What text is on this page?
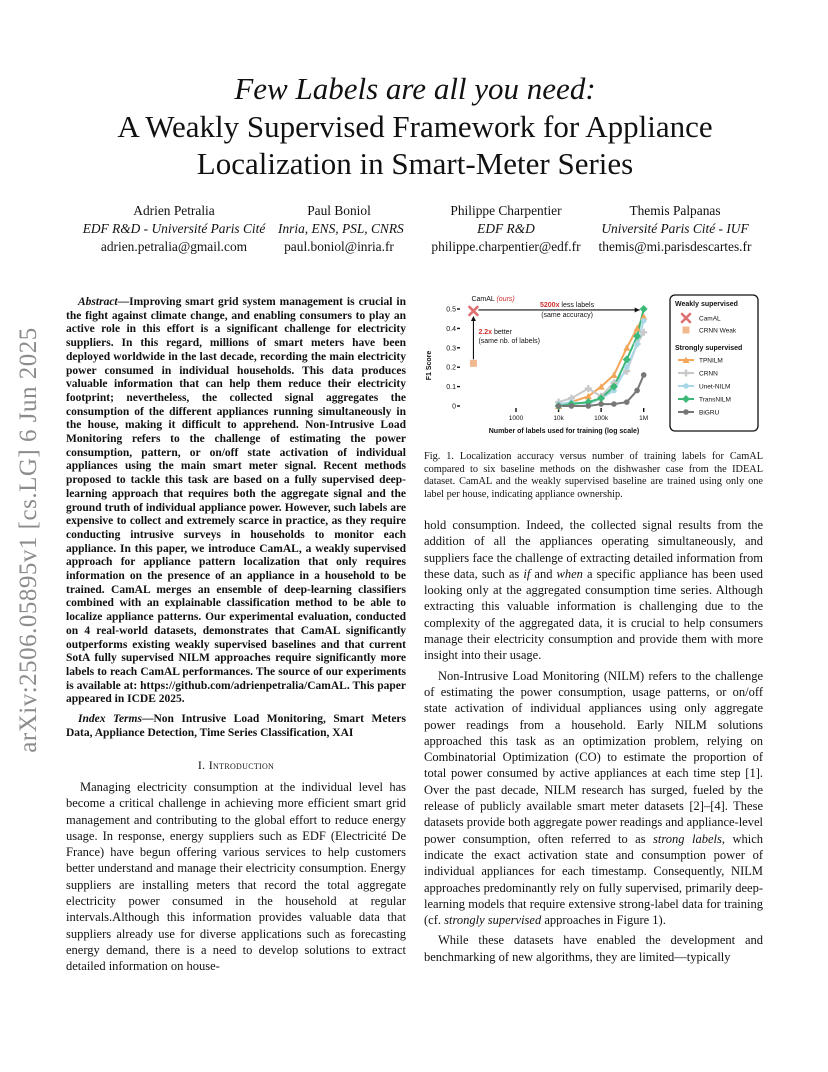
arXiv:2506.05895v1 [cs.LG] 6 Jun 2025
Few Labels are all you need:
A Weakly Supervised Framework for Appliance
Localization in Smart-Meter Series
Adrien Petralia
EDF R&D - Université Paris Cité
adrien.petralia@gmail.com
Paul Boniol
Inria, ENS, PSL, CNRS
paul.boniol@inria.fr
Philippe Charpentier
EDF R&D
philippe.charpentier@edf.fr
Themis Palpanas
Université Paris Cité - IUF
themis@mi.parisdescartes.fr

Abstract—Improving smart grid system management is crucial in the fight against climate change, and enabling consumers to play an active role in this effort is a significant challenge for electricity suppliers. In this regard, millions of smart meters have been deployed worldwide in the last decade, recording the main electricity power consumed in individual households. This data produces valuable information that can help them reduce their electricity footprint; nevertheless, the collected signal aggregates the consumption of the different appliances running simultaneously in the house, making it difficult to apprehend. Non-Intrusive Load Monitoring refers to the challenge of estimating the power consumption, pattern, or on/off state activation of individual appliances using the main smart meter signal. Recent methods proposed to tackle this task are based on a fully supervised deep-learning approach that requires both the aggregate signal and the ground truth of individual appliance power. However, such labels are expensive to collect and extremely scarce in practice, as they require conducting intrusive surveys in households to monitor each appliance. In this paper, we introduce CamAL, a weakly supervised approach for appliance pattern localization that only requires information on the presence of an appliance in a household to be trained. CamAL merges an ensemble of deep-learning classifiers combined with an explainable classification method to be able to localize appliance patterns. Our experimental evaluation, conducted on 4 real-world datasets, demonstrates that CamAL significantly outperforms existing weakly supervised baselines and that current SotA fully supervised NILM approaches require significantly more labels to reach CamAL performances. The source of our experiments is available at: https://github.com/adrienpetralia/CamAL. This paper appeared in ICDE 2025.

Index Terms—Non Intrusive Load Monitoring, Smart Meters Data, Appliance Detection, Time Series Classification, XAI

I. Introduction

Managing electricity consumption at the individual level has become a critical challenge in achieving more efficient smart grid management and contributing to the global effort to reduce energy usage. In response, energy suppliers such as EDF (Electricité De France) have begun offering various services to help customers better understand and manage their electricity consumption. Energy suppliers are installing meters that record the total aggregate electricity power consumed in the household at regular intervals.Although this information provides valuable data that suppliers already use for diverse applications such as forecasting energy demand, there is a need to develop solutions to extract detailed information on house-

0
0.1
0.2
0.3
0.4
0.5
1000	10k	100k	1M
Number of labels used for training (log scale)
F1 Score
5200x less labels
(same accuracy)
2.2x better
(same nb. of labels)
CamAL (ours)
Weakly supervised
CamAL
CRNN Weak
Strongly supervised
TPNILM
CRNN
Unet-NILM
TransNILM
BiGRU

Fig. 1. Localization accuracy versus number of training labels for CamAL compared to six baseline methods on the dishwasher case from the IDEAL dataset. CamAL and the weakly supervised baseline are trained using only one label per house, indicating appliance ownership.

hold consumption. Indeed, the collected signal results from the addition of all the appliances operating simultaneously, and suppliers face the challenge of extracting detailed information from these data, such as if and when a specific appliance has been used looking only at the aggregated consumption time series. Although extracting this valuable information is challenging due to the complexity of the aggregated data, it is crucial to help consumers manage their electricity consumption and provide them with more insight into their usage.

Non-Intrusive Load Monitoring (NILM) refers to the challenge of estimating the power consumption, usage patterns, or on/off state activation of individual appliances using only aggregate power readings from a household. Early NILM solutions approached this task as an optimization problem, relying on Combinatorial Optimization (CO) to estimate the proportion of total power consumed by active appliances at each time step [1]. Over the past decade, NILM research has surged, fueled by the release of publicly available smart meter datasets [2]–[4]. These datasets provide both aggregate power readings and appliance-level power consumption, often referred to as strong labels, which indicate the exact activation state and consumption power of individual appliances for each timestamp. Consequently, NILM approaches predominantly rely on fully supervised, primarily deep-learning models that require extensive strong-label data for training (cf. strongly supervised approaches in Figure 1).

While these datasets have enabled the development and benchmarking of new algorithms, they are limited—typically
